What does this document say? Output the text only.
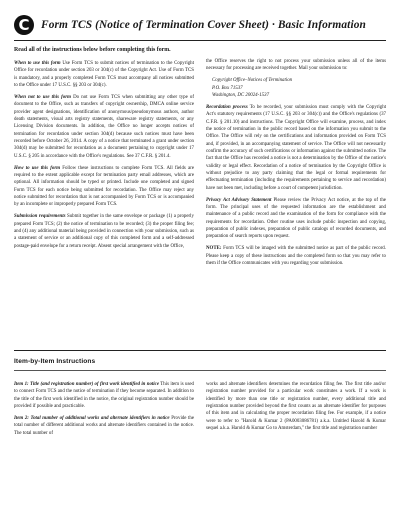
C	Form TCS (Notice of Termination Cover Sheet) · Basic Information
Read all of the instructions below before completing this form.

When to use this form Use Form TCS to submit notices of termination to the Copyright Office for recordation under section 203 or 304(c) of the Copyright Act. Use of Form TCS is mandatory, and a properly completed Form TCS must accompany all notices submitted to the Office under 17 U.S.C. §§ 203 or 304(c).

When not to use this form Do not use Form TCS when submitting any other type of document to the Office, such as transfers of copyright ownership, DMCA online service provider agent designations, identification of anonymous/pseudonymous authors, author death statements, visual arts registry statements, shareware registry statements, or any Licensing Division documents. In addition, the Office no longer accepts notices of termination for recordation under section 304(d) because such notices must have been recorded before October 26, 2014. A copy of a notice that terminated a grant under section 304(d) may be submitted for recordation as a document pertaining to copyright under 17 U.S.C. § 205 in accordance with the Office's regulations. See 37 C.F.R. § 201.4.

How to use this form Follow these instructions to complete Form TCS. All fields are required to the extent applicable except for termination party email addresses, which are optional. All information should be typed or printed. Include one completed and signed Form TCS for each notice being submitted for recordation. The Office may reject any notice submitted for recordation that is not accompanied by Form TCS or is accompanied by an incomplete or improperly prepared Form TCS.

Submission requirements Submit together in the same envelope or package (1) a properly prepared Form TCS; (2) the notice of termination to be recorded; (3) the proper filing fee; and (4) any additional material being provided in connection with your submission, such as a statement of service or an additional copy of this completed form and a self-addressed postage-paid envelope for a return receipt. Absent special arrangement with the Office,

the Office reserves the right to not process your submission unless all of the items necessary for processing are received together. Mail your submission to:

Copyright Office–Notices of Termination
P.O. Box 71537
Washington, DC 20024-1537

Recordation process To be recorded, your submission must comply with the Copyright Act's statutory requirements (17 U.S.C. §§ 203 or 304(c)) and the Office's regulations (37 C.F.R. § 201.10) and instructions. The Copyright Office will examine, process, and index the notice of termination in the public record based on the information you submit to the Office. The Office will rely on the certifications and information provided on Form TCS and, if provided, in an accompanying statement of service. The Office will not necessarily confirm the accuracy of such certifications or information against the submitted notice. The fact that the Office has recorded a notice is not a determination by the Office of the notice's validity or legal effect. Recordation of a notice of termination by the Copyright Office is without prejudice to any party claiming that the legal or formal requirements for effectuating termination (including the requirements pertaining to service and recordation) have not been met, including before a court of competent jurisdiction.

Privacy Act Advisory Statement Please review the Privacy Act notice, at the top of the form. The principal uses of the requested information are the establishment and maintenance of a public record and the examination of the form for compliance with the requirements for recordation. Other routine uses include public inspection and copying, preparation of public indexes, preparation of public catalogs of recorded documents, and preparation of search reports upon request.

NOTE: Form TCS will be imaged with the submitted notice as part of the public record. Please keep a copy of these instructions and the completed form so that you may refer to them if the Office communicates with you regarding your submission.

Item-by-Item Instructions

Item 1: Title (and registration number) of first work identified in notice This item is used to connect Form TCS and the notice of termination if they become separated. In addition to the title of the first work identified in the notice, the original registration number should be provided if possible and practicable.

Item 2: Total number of additional works and alternate identifiers in notice Provide the total number of different additional works and alternate identifiers contained in the notice. The total number of

works and alternate identifiers determines the recordation filing fee. The first title and/or registration number provided for a particular work constitutes a work. If a work is identified by more than one title or registration number, every additional title and registration number provided beyond the first counts as an alternate identifier for purposes of this item and in calculating the proper recordation filing fee. For example, if a notice were to refer to "Harold & Kumar 2 (PA0003086781) a.k.a. Untitled Harold & Kumar sequel a.k.a. Harold & Kumar Go to Amsterdam," the first title and registration number
